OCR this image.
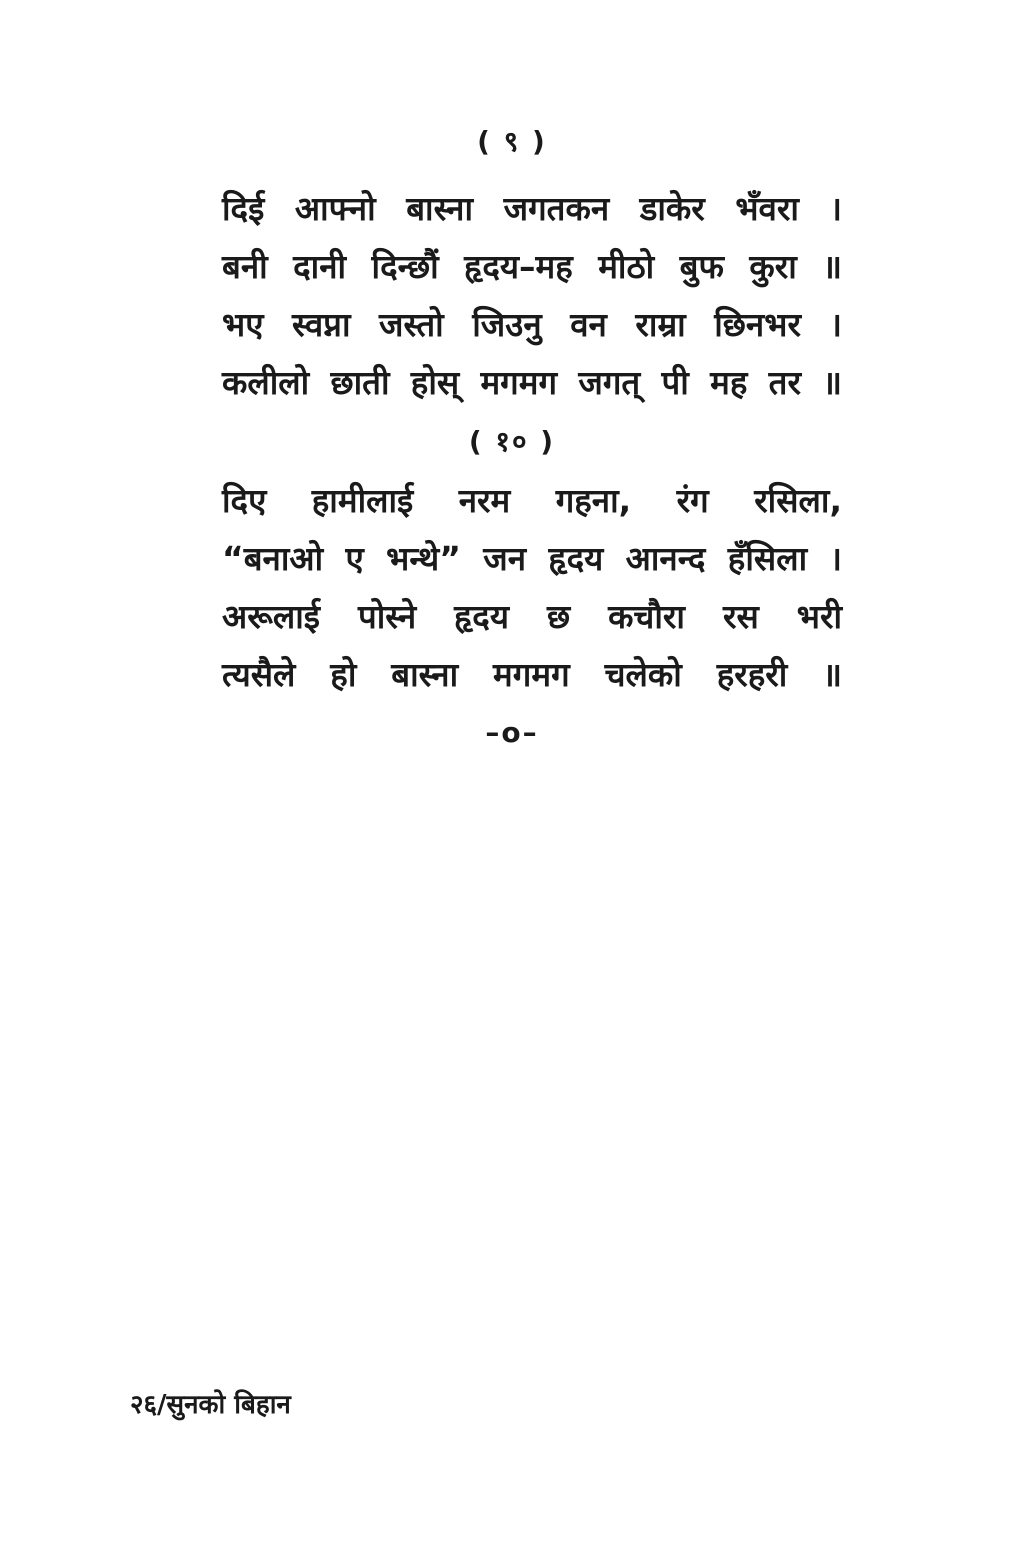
( ९ )
दिई आफ्नो बास्ना जगतकन डाकेर भँवरा ।
बनी दानी दिन्छौं हृदय–मह मीठो बुफ कुरा ॥
भए स्वप्ना जस्तो जिउनु वन राम्रा छिनभर ।
कलीलो छाती होस् मगमग जगत् पी मह तर ॥
( १० )
दिए हामीलाई नरम गहना, रंग रसिला,
“बनाओ ए भन्थे” जन हृदय आनन्द हँसिला ।
अरूलाई पोस्ने हृदय छ कचौरा रस भरी
त्यसैले हो बास्ना मगमग चलेको हरहरी ॥
–o–
२६/सुनको बिहान
